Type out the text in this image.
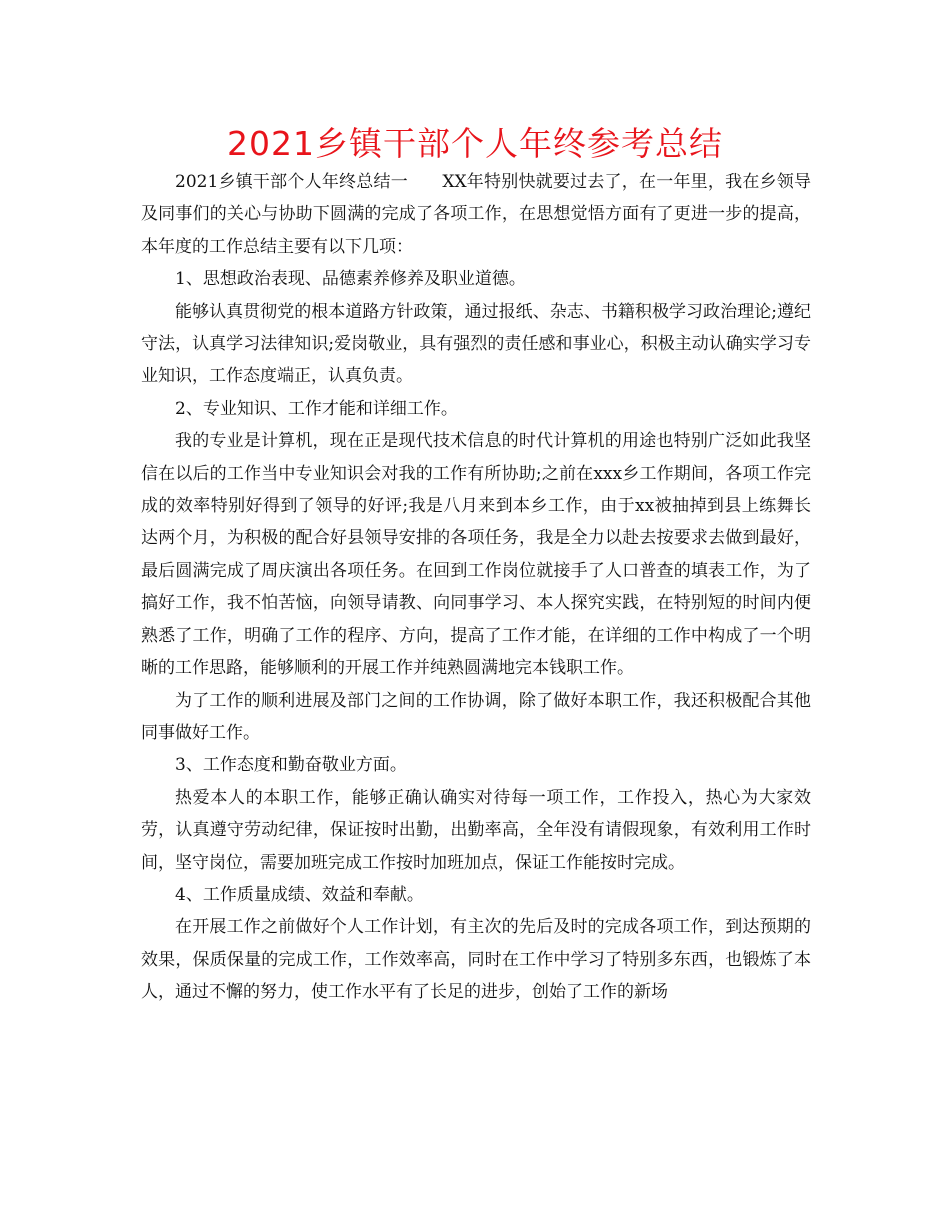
2021乡镇干部个人年终参考总结

2021乡镇干部个人年终总结一　　XX年特别快就要过去了，在一年里，我在乡领导及同事们的关心与协助下圆满的完成了各项工作，在思想觉悟方面有了更进一步的提高，本年度的工作总结主要有以下几项：

1、思想政治表现、品德素养修养及职业道德。

能够认真贯彻党的根本道路方针政策，通过报纸、杂志、书籍积极学习政治理论;遵纪守法，认真学习法律知识;爱岗敬业，具有强烈的责任感和事业心，积极主动认确实学习专业知识，工作态度端正，认真负责。

2、专业知识、工作才能和详细工作。

我的专业是计算机，现在正是现代技术信息的时代计算机的用途也特别广泛如此我坚信在以后的工作当中专业知识会对我的工作有所协助;之前在xxx乡工作期间，各项工作完成的效率特别好得到了领导的好评;我是八月来到本乡工作，由于xx被抽掉到县上练舞长达两个月，为积极的配合好县领导安排的各项任务，我是全力以赴去按要求去做到最好，最后圆满完成了周庆演出各项任务。在回到工作岗位就接手了人口普查的填表工作，为了搞好工作，我不怕苦恼，向领导请教、向同事学习、本人探究实践，在特别短的时间内便熟悉了工作，明确了工作的程序、方向，提高了工作才能，在详细的工作中构成了一个明晰的工作思路，能够顺利的开展工作并纯熟圆满地完本钱职工作。

为了工作的顺利进展及部门之间的工作协调，除了做好本职工作，我还积极配合其他同事做好工作。

3、工作态度和勤奋敬业方面。

热爱本人的本职工作，能够正确认确实对待每一项工作，工作投入，热心为大家效劳，认真遵守劳动纪律，保证按时出勤，出勤率高，全年没有请假现象，有效利用工作时间，坚守岗位，需要加班完成工作按时加班加点，保证工作能按时完成。

4、工作质量成绩、效益和奉献。

在开展工作之前做好个人工作计划，有主次的先后及时的完成各项工作，到达预期的效果，保质保量的完成工作，工作效率高，同时在工作中学习了特别多东西，也锻炼了本人，通过不懈的努力，使工作水平有了长足的进步，创始了工作的新场
